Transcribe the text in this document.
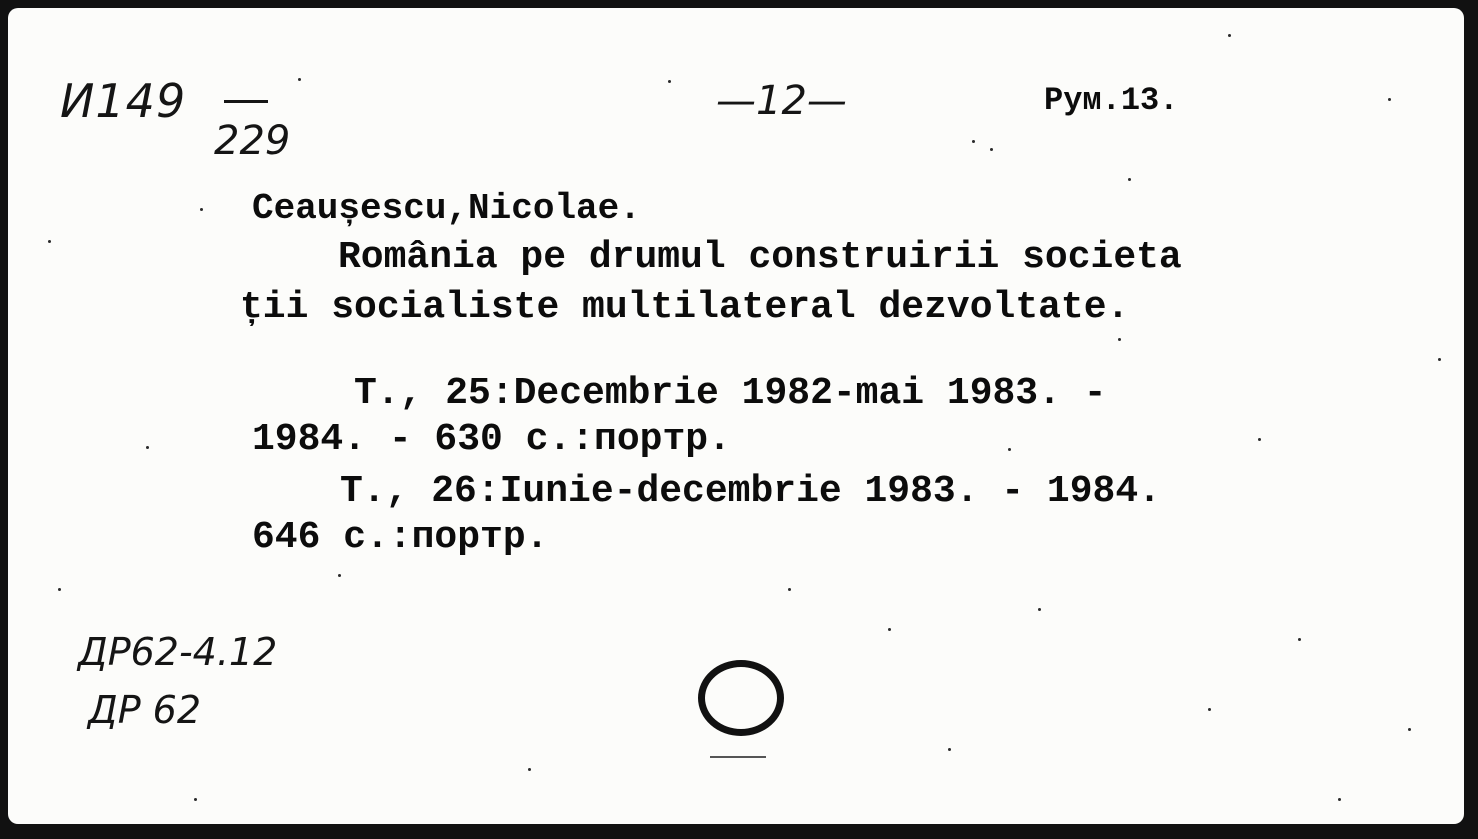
И149
229
—12—	Рум.13.
Ceaușescu,Nicolae.
România pe drumul construirii societa
ții socialiste multilateral dezvoltate.
T., 25:Decembrie 1982-mai 1983. -
1984. - 630 c.:портр.
T., 26:Iunie-decembrie 1983. - 1984.
646 c.:портр.
ДР62-4.12
ДР 62
